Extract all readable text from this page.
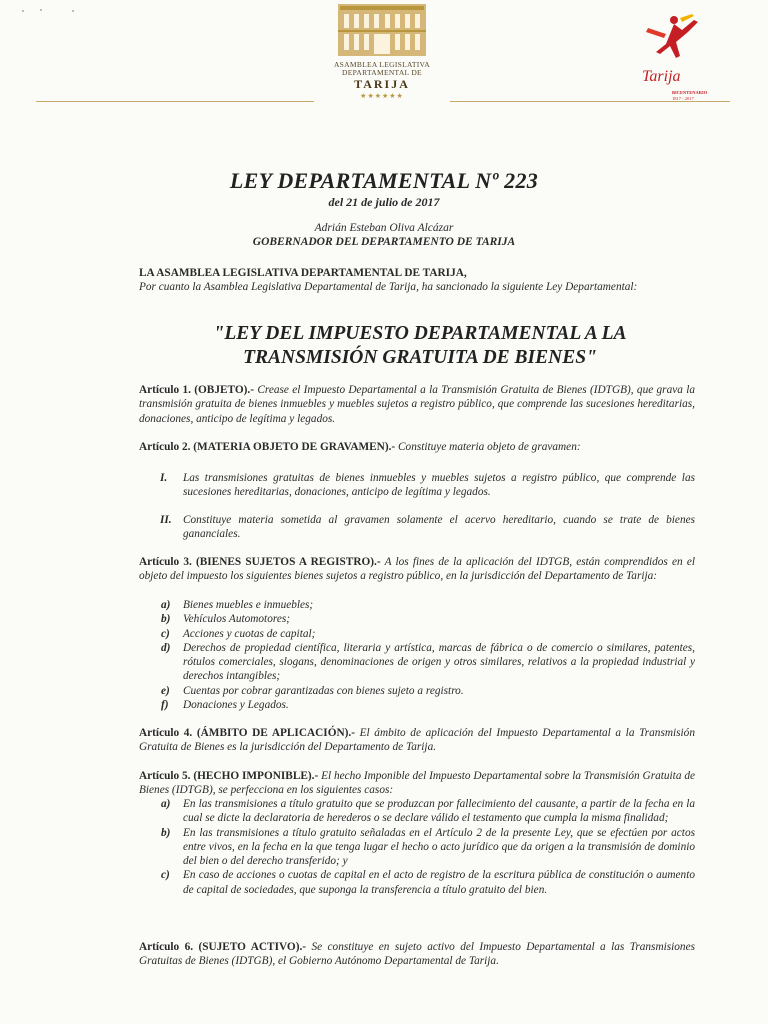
ASAMBLEA LEGISLATIVA
DEPARTAMENTAL DE
TARIJA
★★★★★★
Tarija
BICENTENARIO
1817 - 2017
LEY DEPARTAMENTAL Nº 223
del 21 de julio de 2017
Adrián Esteban Oliva Alcázar
GOBERNADOR DEL DEPARTAMENTO DE TARIJA
LA ASAMBLEA LEGISLATIVA DEPARTAMENTAL DE TARIJA,
Por cuanto la Asamblea Legislativa Departamental de Tarija, ha sancionado la siguiente Ley Departamental:
"LEY DEL IMPUESTO DEPARTAMENTAL A LA TRANSMISIÓN GRATUITA DE BIENES"
Artículo 1. (OBJETO).- Crease el Impuesto Departamental a la Transmisión Gratuita de Bienes (IDTGB), que grava la transmisión gratuita de bienes inmuebles y muebles sujetos a registro público, que comprende las sucesiones hereditarias, donaciones, anticipo de legítima y legados.
Artículo 2. (MATERIA OBJETO DE GRAVAMEN).- Constituye materia objeto de gravamen:
I. Las transmisiones gratuitas de bienes inmuebles y muebles sujetos a registro público, que comprende las sucesiones hereditarias, donaciones, anticipo de legítima y legados.
II. Constituye materia sometida al gravamen solamente el acervo hereditario, cuando se trate de bienes gananciales.
Artículo 3. (BIENES SUJETOS A REGISTRO).- A los fines de la aplicación del IDTGB, están comprendidos en el objeto del impuesto los siguientes bienes sujetos a registro público, en la jurisdicción del Departamento de Tarija:
a) Bienes muebles e inmuebles;
b) Vehículos Automotores;
c) Acciones y cuotas de capital;
d) Derechos de propiedad científica, literaria y artística, marcas de fábrica o de comercio o similares, patentes, rótulos comerciales, slogans, denominaciones de origen y otros similares, relativos a la propiedad industrial y derechos intangibles;
e) Cuentas por cobrar garantizadas con bienes sujeto a registro.
f) Donaciones y Legados.
Artículo 4. (ÁMBITO DE APLICACIÓN).- El ámbito de aplicación del Impuesto Departamental a la Transmisión Gratuita de Bienes es la jurisdicción del Departamento de Tarija.
Artículo 5. (HECHO IMPONIBLE).- El hecho Imponible del Impuesto Departamental sobre la Transmisión Gratuita de Bienes (IDTGB), se perfecciona en los siguientes casos:
a) En las transmisiones a título gratuito que se produzcan por fallecimiento del causante, a partir de la fecha en la cual se dicte la declaratoria de herederos o se declare válido el testamento que cumpla la misma finalidad;
b) En las transmisiones a título gratuito señaladas en el Artículo 2 de la presente Ley, que se efectúen por actos entre vivos, en la fecha en la que tenga lugar el hecho o acto jurídico que da origen a la transmisión de dominio del bien o del derecho transferido; y
c) En caso de acciones o cuotas de capital en el acto de registro de la escritura pública de constitución o aumento de capital de sociedades, que suponga la transferencia a título gratuito del bien.
Artículo 6. (SUJETO ACTIVO).- Se constituye en sujeto activo del Impuesto Departamental a las Transmisiones Gratuitas de Bienes (IDTGB), el Gobierno Autónomo Departamental de Tarija.
